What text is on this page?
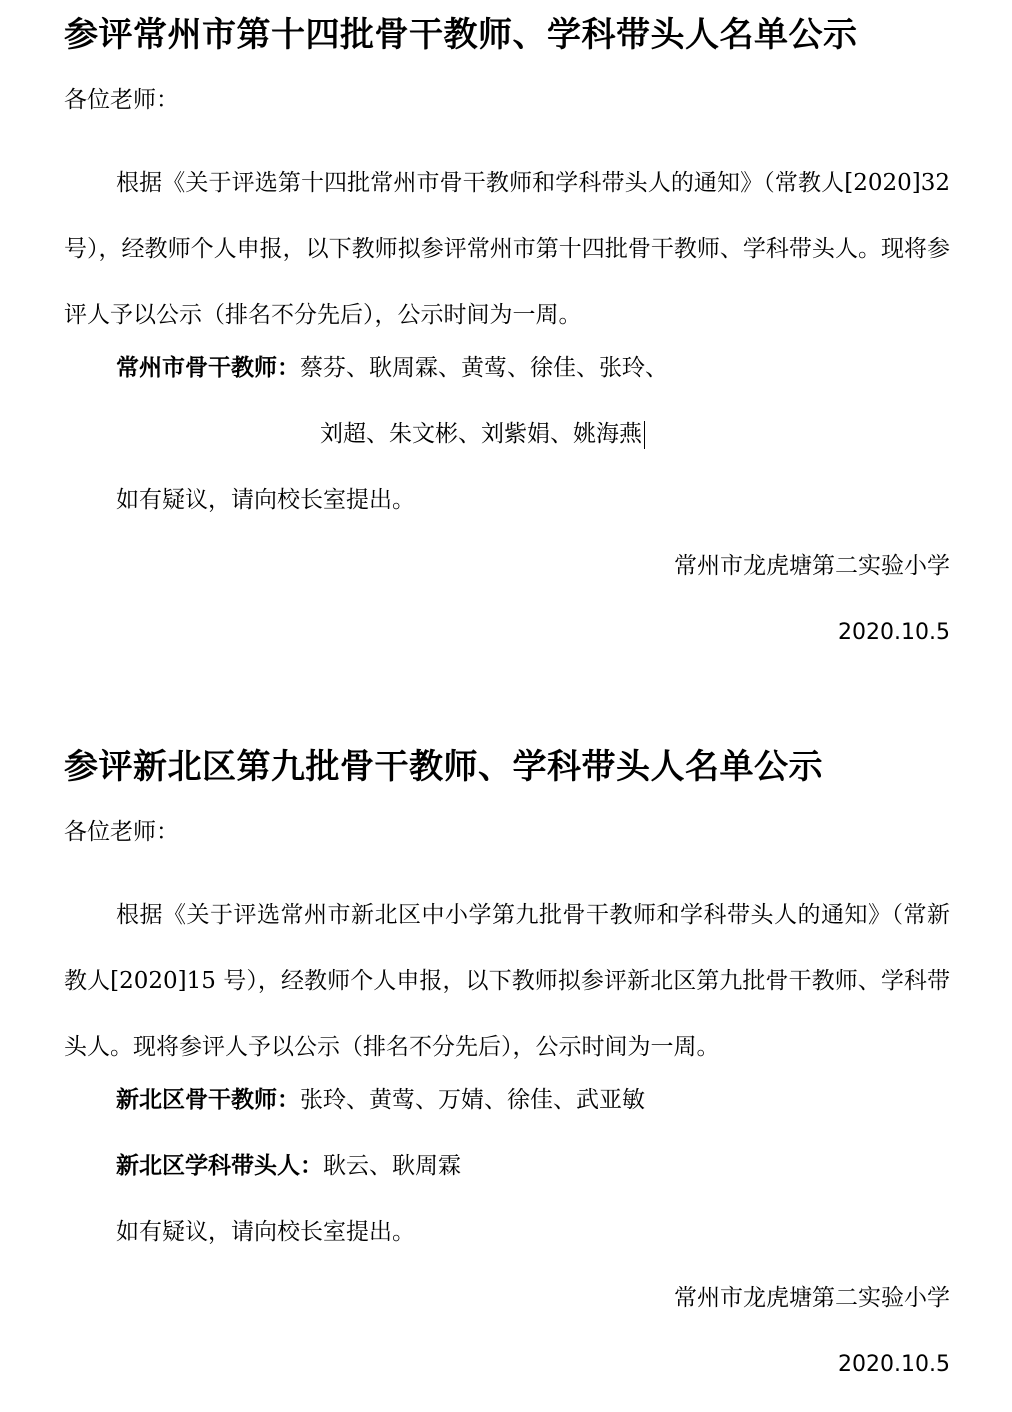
参评常州市第十四批骨干教师、学科带头人名单公示
各位老师：

根据《关于评选第十四批常州市骨干教师和学科带头人的通知》（常教人[2020]32 号），经教师个人申报，以下教师拟参评常州市第十四批骨干教师、学科带头人。现将参评人予以公示（排名不分先后），公示时间为一周。

常州市骨干教师：蔡芬、耿周霖、黄莺、徐佳、张玲、
刘超、朱文彬、刘紫娟、姚海燕
如有疑议，请向校长室提出。
常州市龙虎塘第二实验小学
2020.10.5
参评新北区第九批骨干教师、学科带头人名单公示
各位老师：

根据《关于评选常州市新北区中小学第九批骨干教师和学科带头人的通知》（常新教人[2020]15 号），经教师个人申报，以下教师拟参评新北区第九批骨干教师、学科带头人。现将参评人予以公示（排名不分先后），公示时间为一周。

新北区骨干教师：张玲、黄莺、万婧、徐佳、武亚敏
新北区学科带头人：耿云、耿周霖
如有疑议，请向校长室提出。
常州市龙虎塘第二实验小学
2020.10.5
